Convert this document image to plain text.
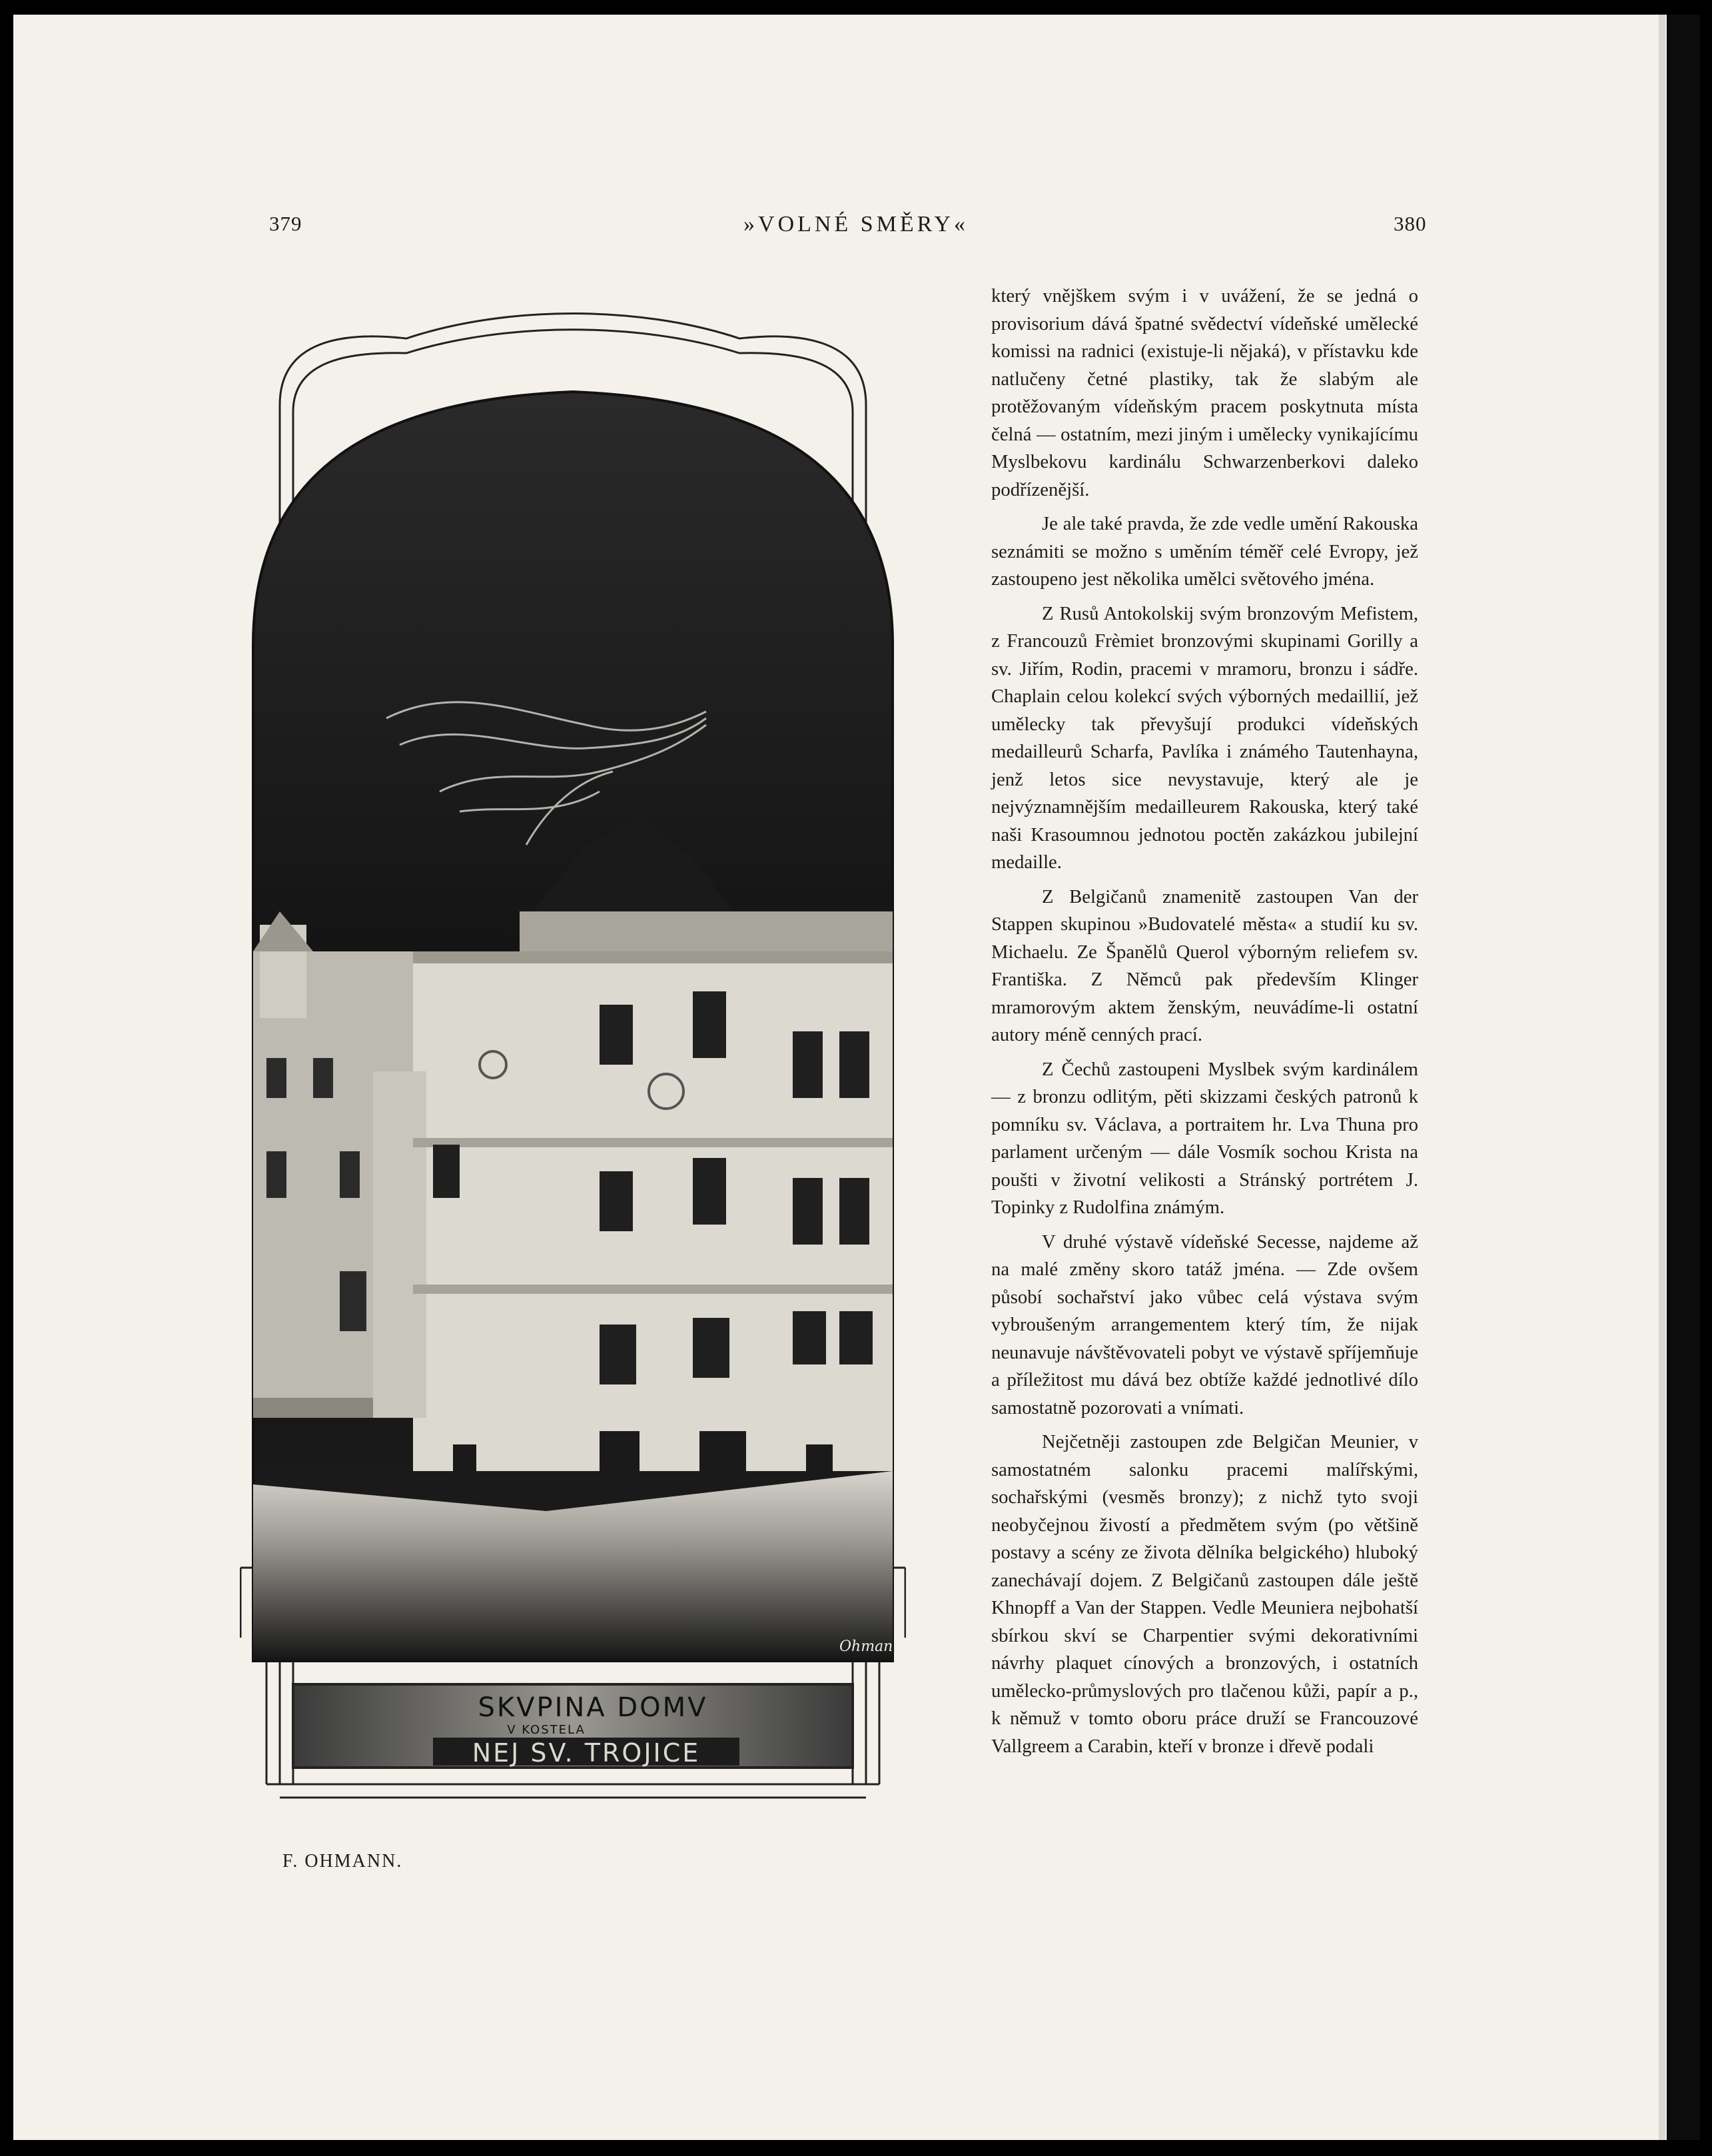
379	»VOLNÉ SMĚRY«	380
Ohmann
SKVPINA DOMV
V KOSTELA
NEJ SV. TROJICE
F. OHMANN.

který vnějškem svým i v uvážení, že se jedná o provisorium dává špatné svědectví vídeňské umělecké komissi na radnici (existuje-li nějaká), v přístavku kde natlučeny četné plastiky, tak že slabým ale protěžovaným vídeňským pracem poskytnuta místa čelná — ostatním, mezi jiným i umělecky vynikajícímu Myslbekovu kardinálu Schwarzenberkovi daleko podřízenější.

Je ale také pravda, že zde vedle umění Rakouska seznámiti se možno s uměním téměř celé Evropy, jež zastoupeno jest několika umělci světového jména.

Z Rusů Antokolskij svým bronzovým Mefistem, z Francouzů Frèmiet bronzovými skupinami Gorilly a sv. Jiřím, Rodin, pracemi v mramoru, bronzu i sádře. Chaplain celou kolekcí svých výborných medaillií, jež umělecky tak převyšují produkci vídeňských medailleurů Scharfa, Pavlíka i známého Tautenhayna, jenž letos sice nevystavuje, který ale je nejvýznamnějším medailleurem Rakouska, který také naši Krasoumnou jednotou poctěn zakázkou jubilejní medaille.

Z Belgičanů znamenitě zastoupen Van der Stappen skupinou »Budovatelé města« a studií ku sv. Michaelu. Ze Španělů Querol výborným reliefem sv. Františka. Z Němců pak především Klinger mramorovým aktem ženským, neuvádíme-li ostatní autory méně cenných prací.

Z Čechů zastoupeni Myslbek svým kardinálem — z bronzu odlitým, pěti skizzami českých patronů k pomníku sv. Václava, a portraitem hr. Lva Thuna pro parlament určeným — dále Vosmík sochou Krista na poušti v životní velikosti a Stránský portrétem J. Topinky z Rudolfina známým.

V druhé výstavě vídeňské Secesse, najdeme až na malé změny skoro tatáž jména. — Zde ovšem působí sochařství jako vůbec celá výstava svým vybroušeným arrangementem který tím, že nijak neunavuje návštěvovateli pobyt ve výstavě spříjemňuje a příležitost mu dává bez obtíže každé jednotlivé dílo samostatně pozorovati a vnímati.

Nejčetněji zastoupen zde Belgičan Meunier, v samostatném salonku pracemi malířskými, sochařskými (vesměs bronzy); z nichž tyto svoji neobyčejnou živostí a předmětem svým (po většině postavy a scény ze života dělníka belgického) hluboký zanechávají dojem. Z Belgičanů zastoupen dále ještě Khnopff a Van der Stappen. Vedle Meuniera nejbohatší sbírkou skví se Charpentier svými dekorativními návrhy plaquet cínových a bronzových, i ostatních umělecko-průmyslových pro tlačenou kůži, papír a p., k němuž v tomto oboru práce druží se Francouzové Vallgreem a Carabin, kteří v bronze i dřevě podali
